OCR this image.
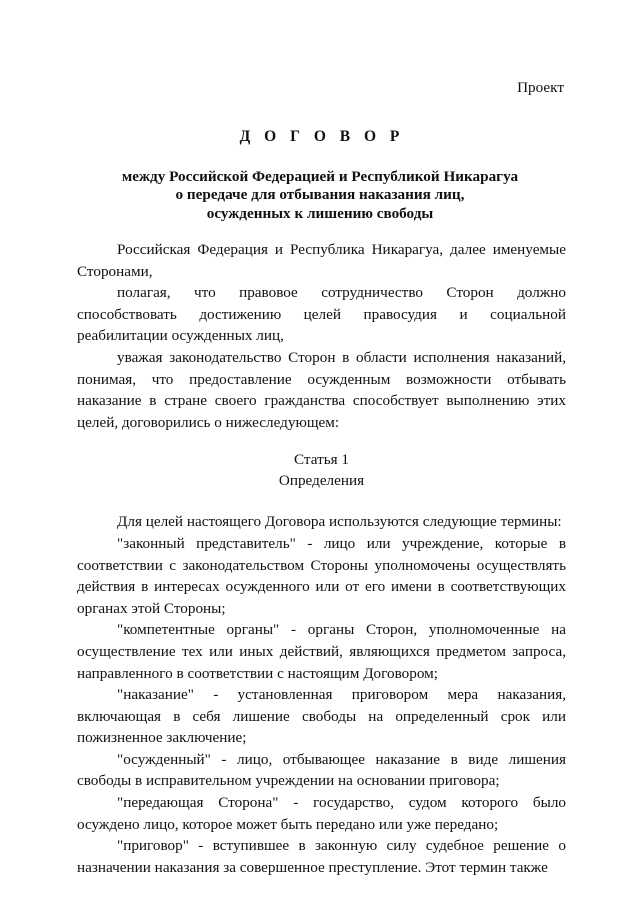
Проект
Д О Г О В О Р
между Российской Федерацией и Республикой Никарагуа
о передаче для отбывания наказания лиц,
осужденных к лишению свободы

Российская Федерация и Республика Никарагуа, далее именуемые Сторонами,

полагая, что правовое сотрудничество Сторон должно способствовать достижению целей правосудия и социальной реабилитации осужденных лиц,

уважая законодательство Сторон в области исполнения наказаний, понимая, что предоставление осужденным возможности отбывать наказание в стране своего гражданства способствует выполнению этих целей, договорились о нижеследующем:

Статья 1
Определения

Для целей настоящего Договора используются следующие термины:

"законный представитель" - лицо или учреждение, которые в соответствии с законодательством Стороны уполномочены осуществлять действия в интересах осужденного или от его имени в соответствующих органах этой Стороны;

"компетентные органы" - органы Сторон, уполномоченные на осуществление тех или иных действий, являющихся предметом запроса, направленного в соответствии с настоящим Договором;

"наказание" - установленная приговором мера наказания, включающая в себя лишение свободы на определенный срок или пожизненное заключение;

"осужденный" - лицо, отбывающее наказание в виде лишения свободы в исправительном учреждении на основании приговора;

"передающая Сторона" - государство, судом которого было осуждено лицо, которое может быть передано или уже передано;

"приговор" - вступившее в законную силу судебное решение о назначении наказания за совершенное преступление. Этот термин также
